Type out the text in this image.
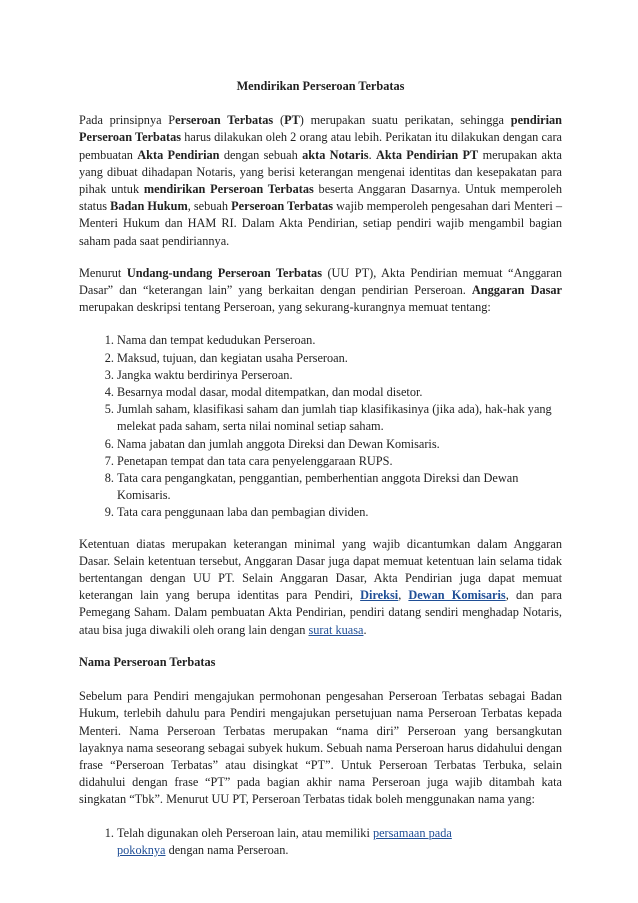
Mendirikan Perseroan Terbatas

Pada prinsipnya Perseroan Terbatas (PT) merupakan suatu perikatan, sehingga pendirian Perseroan Terbatas harus dilakukan oleh 2 orang atau lebih. Perikatan itu dilakukan dengan cara pembuatan Akta Pendirian dengan sebuah akta Notaris. Akta Pendirian PT merupakan akta yang dibuat dihadapan Notaris, yang berisi keterangan mengenai identitas dan kesepakatan para pihak untuk mendirikan Perseroan Terbatas beserta Anggaran Dasarnya. Untuk memperoleh status Badan Hukum, sebuah Perseroan Terbatas wajib memperoleh pengesahan dari Menteri – Menteri Hukum dan HAM RI. Dalam Akta Pendirian, setiap pendiri wajib mengambil bagian saham pada saat pendiriannya.

Menurut Undang-undang Perseroan Terbatas (UU PT), Akta Pendirian memuat “Anggaran Dasar” dan “keterangan lain” yang berkaitan dengan pendirian Perseroan. Anggaran Dasar merupakan deskripsi tentang Perseroan, yang sekurang-kurangnya memuat tentang:

1. Nama dan tempat kedudukan Perseroan.
2. Maksud, tujuan, dan kegiatan usaha Perseroan.
3. Jangka waktu berdirinya Perseroan.
4. Besarnya modal dasar, modal ditempatkan, dan modal disetor.
5. Jumlah saham, klasifikasi saham dan jumlah tiap klasifikasinya (jika ada), hak-hak yang melekat pada saham, serta nilai nominal setiap saham.
6. Nama jabatan dan jumlah anggota Direksi dan Dewan Komisaris.
7. Penetapan tempat dan tata cara penyelenggaraan RUPS.
8. Tata cara pengangkatan, penggantian, pemberhentian anggota Direksi dan Dewan Komisaris.
9. Tata cara penggunaan laba dan pembagian dividen.

Ketentuan diatas merupakan keterangan minimal yang wajib dicantumkan dalam Anggaran Dasar. Selain ketentuan tersebut, Anggaran Dasar juga dapat memuat ketentuan lain selama tidak bertentangan dengan UU PT. Selain Anggaran Dasar, Akta Pendirian juga dapat memuat keterangan lain yang berupa identitas para Pendiri, Direksi, Dewan Komisaris, dan para Pemegang Saham. Dalam pembuatan Akta Pendirian, pendiri datang sendiri menghadap Notaris, atau bisa juga diwakili oleh orang lain dengan surat kuasa.

Nama Perseroan Terbatas

Sebelum para Pendiri mengajukan permohonan pengesahan Perseroan Terbatas sebagai Badan Hukum, terlebih dahulu para Pendiri mengajukan persetujuan nama Perseroan Terbatas kepada Menteri. Nama Perseroan Terbatas merupakan “nama diri” Perseroan yang bersangkutan layaknya nama seseorang sebagai subyek hukum. Sebuah nama Perseroan harus didahului dengan frase “Perseroan Terbatas” atau disingkat “PT”. Untuk Perseroan Terbatas Terbuka, selain didahului dengan frase “PT” pada bagian akhir nama Perseroan juga wajib ditambah kata singkatan “Tbk”. Menurut UU PT, Perseroan Terbatas tidak boleh menggunakan nama yang:

1. Telah digunakan oleh Perseroan lain, atau memiliki persamaan pada pokoknya dengan nama Perseroan.
